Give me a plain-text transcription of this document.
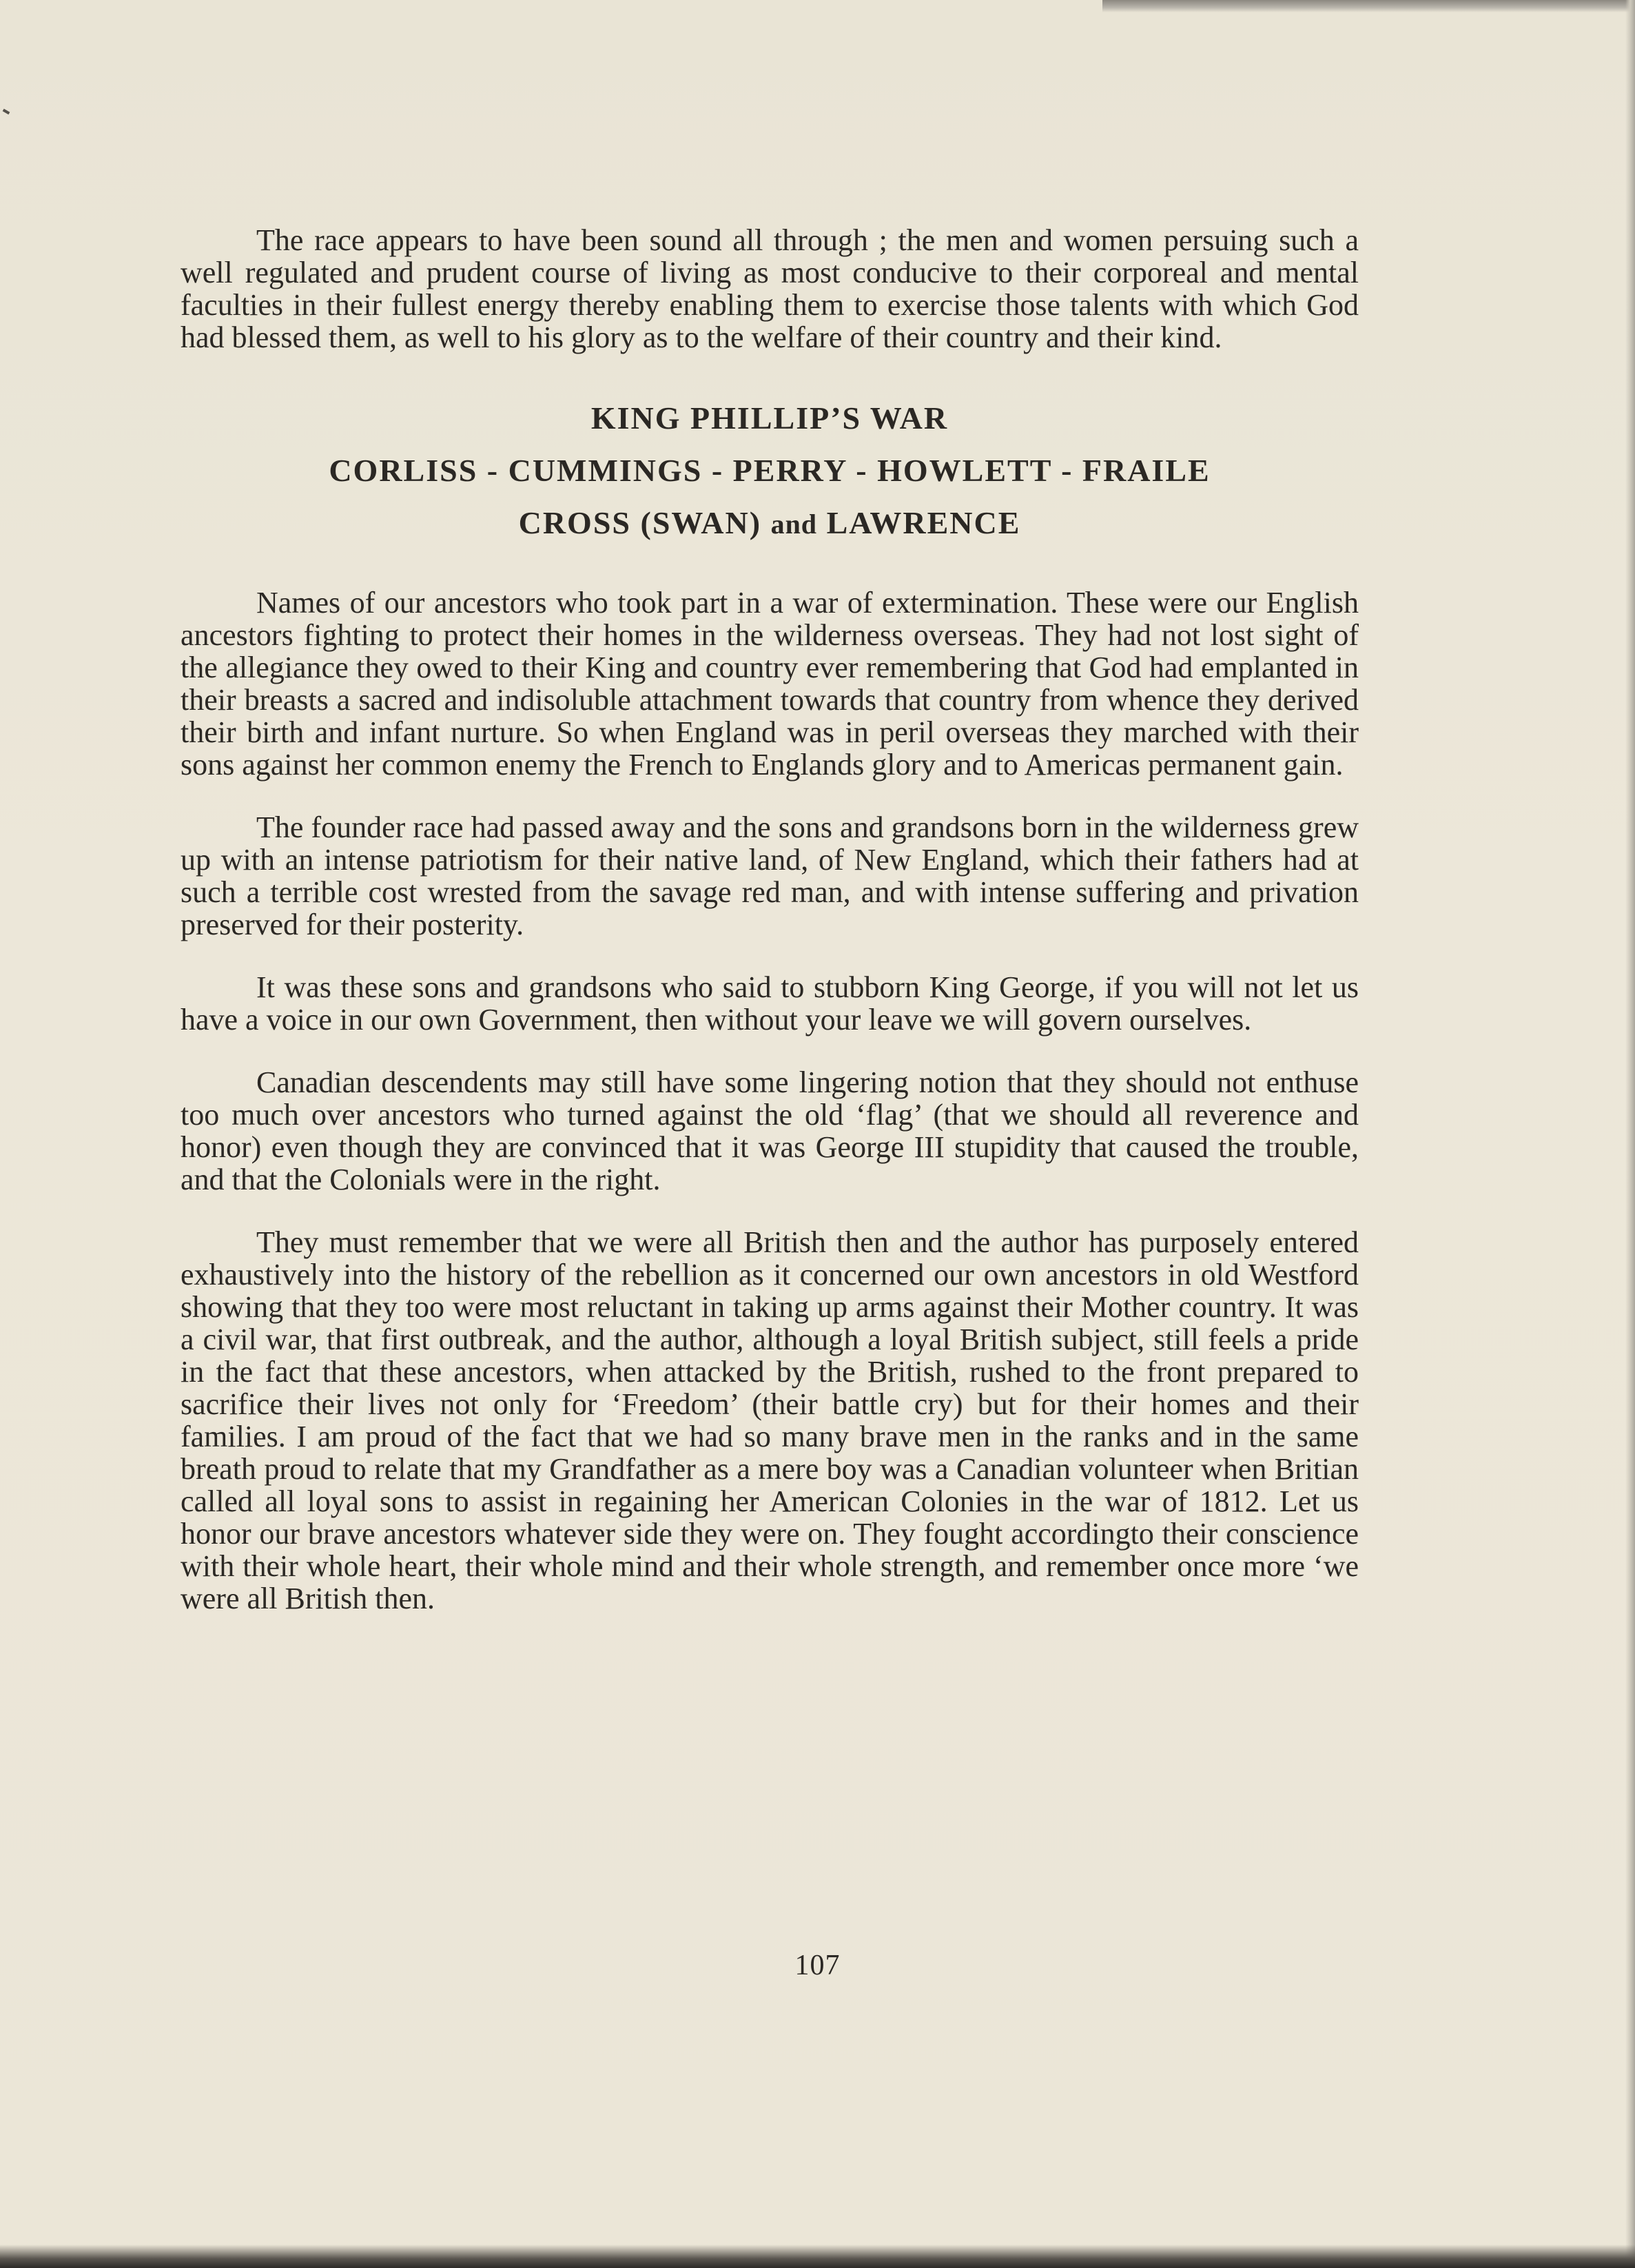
The race appears to have been sound all through ; the men and women persuing such a well regulated and prudent course of living as most conducive to their corporeal and mental faculties in their fullest energy thereby enabling them to exercise those talents with which God had blessed them, as well to his glory as to the welfare of their country and their kind.

KING PHILLIP’S WAR
CORLISS - CUMMINGS - PERRY - HOWLETT - FRAILE
CROSS (SWAN) and LAWRENCE

Names of our ancestors who took part in a war of extermination. These were our English ancestors fighting to protect their homes in the wilderness overseas. They had not lost sight of the allegiance they owed to their King and country ever remembering that God had emplanted in their breasts a sacred and indisoluble attachment towards that country from whence they derived their birth and infant nurture. So when England was in peril overseas they marched with their sons against her common enemy the French to Englands glory and to Americas permanent gain.

The founder race had passed away and the sons and grandsons born in the wilderness grew up with an intense patriotism for their native land, of New England, which their fathers had at such a terrible cost wrested from the savage red man, and with intense suffering and privation preserved for their posterity.

It was these sons and grandsons who said to stubborn King George, if you will not let us have a voice in our own Government, then without your leave we will govern ourselves.

Canadian descendents may still have some lingering notion that they should not enthuse too much over ancestors who turned against the old ‘flag’ (that we should all reverence and honor) even though they are convinced that it was George III stupidity that caused the trouble, and that the Colonials were in the right.

They must remember that we were all British then and the author has purposely entered exhaustively into the history of the rebellion as it concerned our own ancestors in old Westford showing that they too were most reluctant in taking up arms against their Mother country. It was a civil war, that first outbreak, and the author, although a loyal British subject, still feels a pride in the fact that these ancestors, when attacked by the British, rushed to the front prepared to sacrifice their lives not only for ‘Freedom’ (their battle cry) but for their homes and their families. I am proud of the fact that we had so many brave men in the ranks and in the same breath proud to relate that my Grandfather as a mere boy was a Canadian volunteer when Britian called all loyal sons to assist in regaining her American Colonies in the war of 1812. Let us honor our brave ancestors whatever side they were on. They fought accordingto their conscience with their whole heart, their whole mind and their whole strength, and remember once more ‘we were all British then.

107
